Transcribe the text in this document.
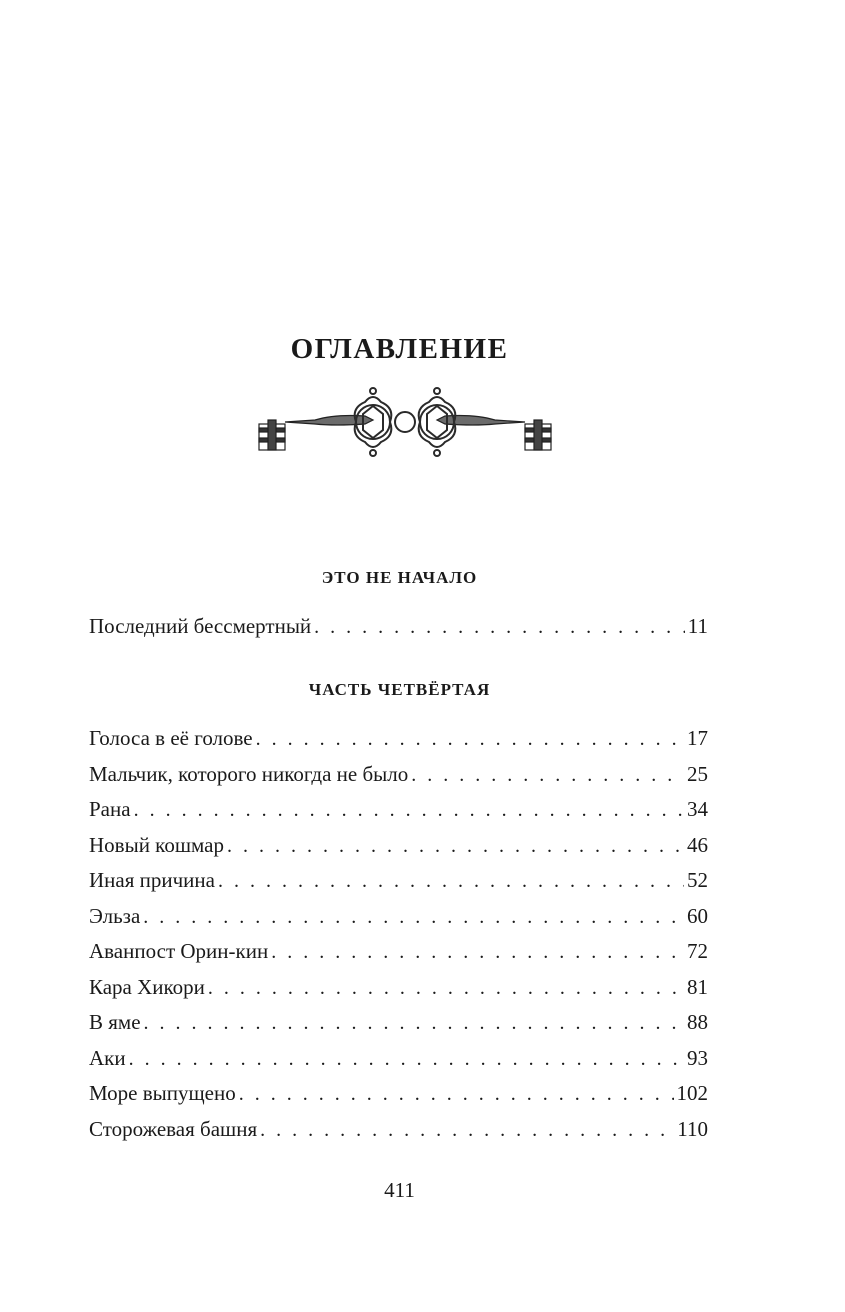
ОГЛАВЛЕНИЕ
ЭТО НЕ НАЧАЛО
Последний бессмертный . . .	11
ЧАСТЬ ЧЕТВЁРТАЯ
Голоса в её голове . . .	17
Мальчик, которого никогда не было . . .	25
Рана . . .	34
Новый кошмар . . .	46
Иная причина . . .	52
Эльза . . .	60
Аванпост Орин-кин . . .	72
Кара Хикори . . .	81
В яме . . .	88
Аки . . .	93
Море выпущено . . .	102
Сторожевая башня . . .	110
411
